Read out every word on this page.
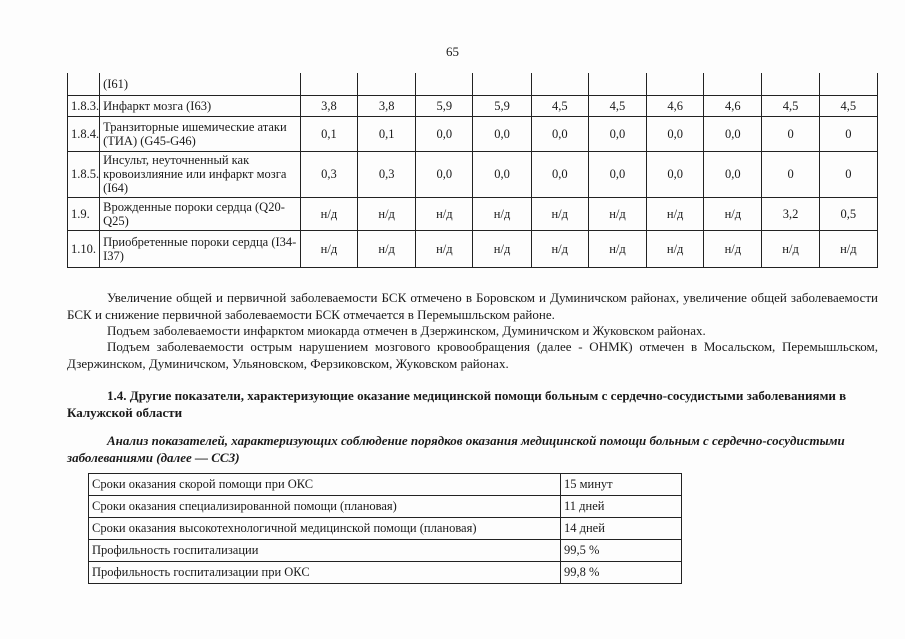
65
	(I61)										
1.8.3.	Инфаркт мозга (I63)	3,8	3,8	5,9	5,9	4,5	4,5	4,6	4,6	4,5	4,5
1.8.4.	Транзиторные ишемические атаки (ТИА) (G45-G46)	0,1	0,1	0,0	0,0	0,0	0,0	0,0	0,0	0	0
1.8.5.	Инсульт, неуточненный как кровоизлияние или инфаркт мозга (I64)	0,3	0,3	0,0	0,0	0,0	0,0	0,0	0,0	0	0
1.9.	Врожденные пороки сердца (Q20-Q25)	н/д	н/д	н/д	н/д	н/д	н/д	н/д	н/д	3,2	0,5
1.10.	Приобретенные пороки сердца (I34-I37)	н/д	н/д	н/д	н/д	н/д	н/д	н/д	н/д	н/д	н/д
Увеличение общей и первичной заболеваемости БСК отмечено в Боровском и Думиничском районах, увеличение общей заболеваемости БСК и снижение первичной заболеваемости БСК отмечается в Перемышльском районе.
Подъем заболеваемости инфарктом миокарда отмечен в Дзержинском, Думиничском и Жуковском районах.
Подъем заболеваемости острым нарушением мозгового кровообращения (далее - ОНМК) отмечен в Мосальском, Перемышльском, Дзержинском, Думиничском, Ульяновском, Ферзиковском, Жуковском районах.
1.4. Другие показатели, характеризующие оказание медицинской помощи больным с сердечно-сосудистыми заболеваниями в Калужской области
Анализ показателей, характеризующих соблюдение порядков оказания медицинской помощи больным с сердечно-сосудистыми заболеваниями (далее — ССЗ)
Сроки оказания скорой помощи при ОКС	15 минут
Сроки оказания специализированной помощи (плановая)	11 дней
Сроки оказания высокотехнологичной медицинской помощи (плановая)	14 дней
Профильность госпитализации	99,5 %
Профильность госпитализации при ОКС	99,8 %
